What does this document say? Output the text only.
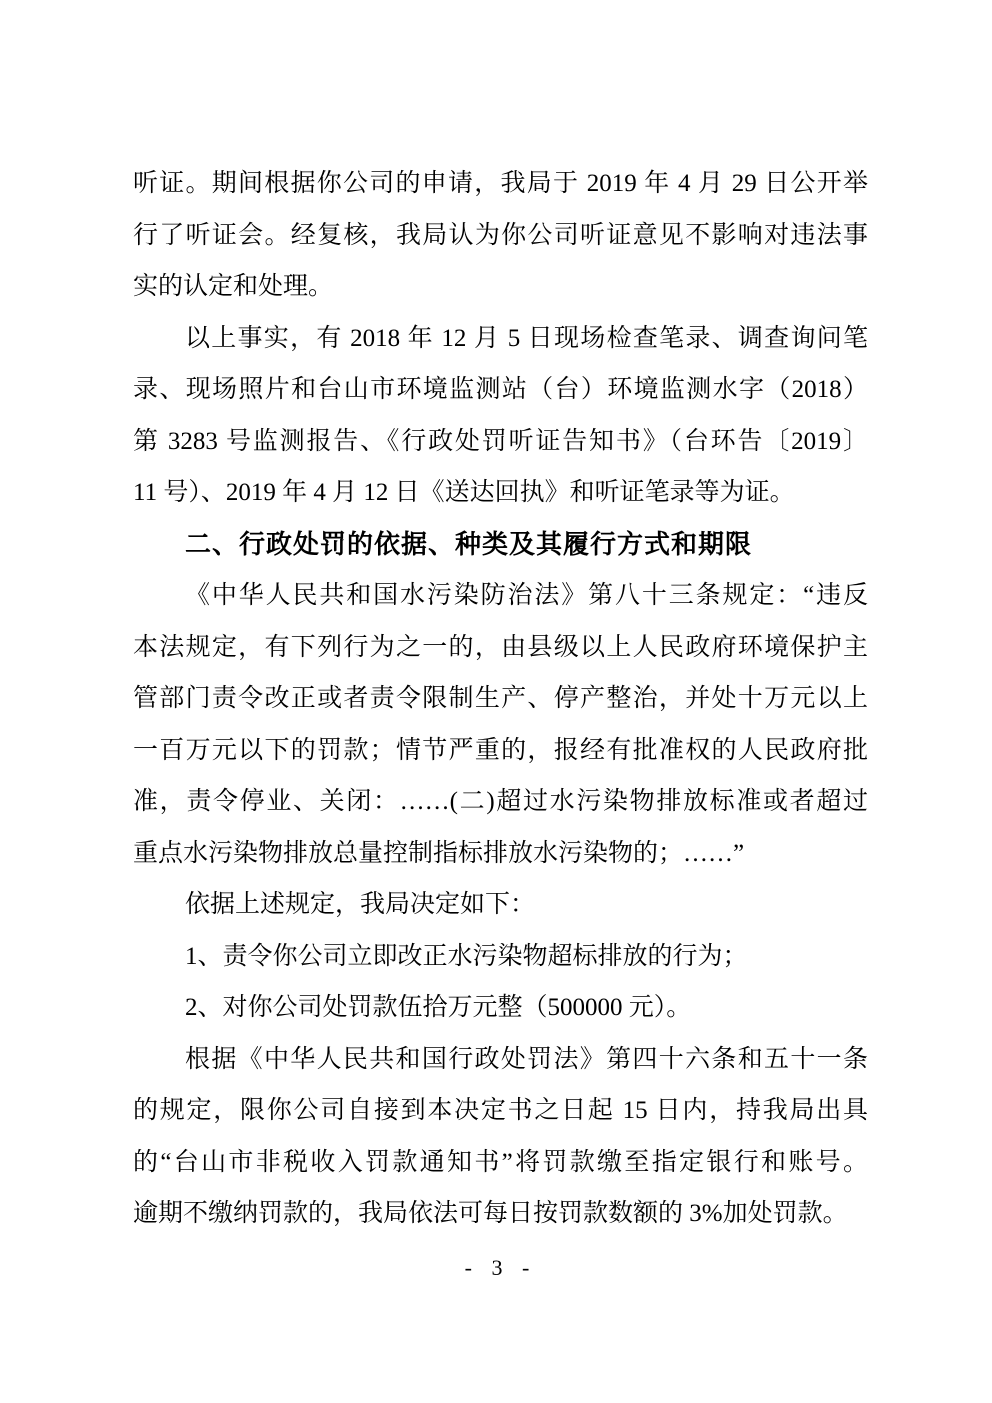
听证。期间根据你公司的申请，我局于 2019 年 4 月 29 日公开举
行了听证会。经复核，我局认为你公司听证意见不影响对违法事
实的认定和处理。
以上事实，有 2018 年 12 月 5 日现场检查笔录、调查询问笔
录、现场照片和台山市环境监测站（台）环境监测水字（2018）
第 3283 号监测报告、《行政处罚听证告知书》（台环告〔2019〕
11 号）、2019 年 4 月 12 日《送达回执》和听证笔录等为证。
二、行政处罚的依据、种类及其履行方式和期限
《中华人民共和国水污染防治法》第八十三条规定：“违反
本法规定，有下列行为之一的，由县级以上人民政府环境保护主
管部门责令改正或者责令限制生产、停产整治，并处十万元以上
一百万元以下的罚款；情节严重的，报经有批准权的人民政府批
准，责令停业、关闭：……(二)超过水污染物排放标准或者超过
重点水污染物排放总量控制指标排放水污染物的；……”
依据上述规定，我局决定如下：
1、责令你公司立即改正水污染物超标排放的行为；
2、对你公司处罚款伍拾万元整（500000 元）。
根据《中华人民共和国行政处罚法》第四十六条和五十一条
的规定，限你公司自接到本决定书之日起 15 日内，持我局出具
的“台山市非税收入罚款通知书”将罚款缴至指定银行和账号。
逾期不缴纳罚款的，我局依法可每日按罚款数额的 3%加处罚款。
- 3 -
